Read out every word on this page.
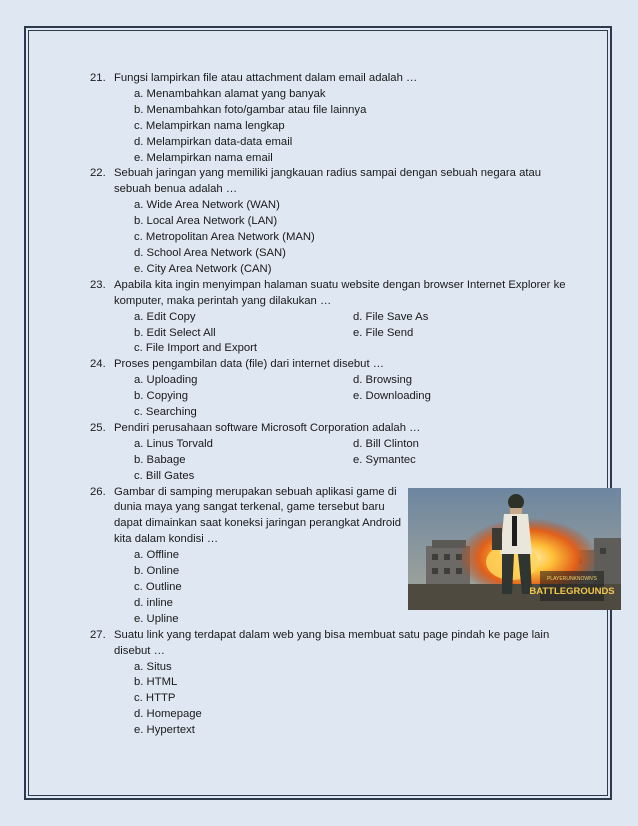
21. Fungsi lampirkan file atau attachment dalam email adalah …
a. Menambahkan alamat yang banyak
b. Menambahkan foto/gambar atau file lainnya
c. Melampirkan nama lengkap
d. Melampirkan data-data email
e. Melampirkan nama email
22. Sebuah jaringan yang memiliki jangkauan radius sampai dengan sebuah negara atau sebuah benua adalah …
a. Wide Area Network (WAN)
b. Local Area Network (LAN)
c. Metropolitan Area Network (MAN)
d. School Area Network (SAN)
e. City Area Network (CAN)
23. Apabila kita ingin menyimpan halaman suatu website dengan browser Internet Explorer ke komputer, maka perintah yang dilakukan …
a. Edit Copy
b. Edit Select All
c. File Import and Export
d. File Save As
e. File Send
24. Proses pengambilan data (file) dari internet disebut …
a. Uploading
b. Copying
c. Searching
d. Browsing
e. Downloading
25. Pendiri perusahaan software Microsoft Corporation adalah …
a. Linus Torvald
b. Babage
c. Bill Gates
d. Bill Clinton
e. Symantec
26. Gambar di samping merupakan sebuah aplikasi game di dunia maya yang sangat terkenal, game tersebut baru dapat dimainkan saat koneksi jaringan perangkat Android kita dalam kondisi …
a. Offline
b. Online
c. Outline
d. inline
e. Upline
27. Suatu link yang terdapat dalam web yang bisa membuat satu page pindah ke page lain disebut …
a. Situs
b. HTML
c. HTTP
d. Homepage
e. Hypertext
PLAYERUNKNOWN'S
BATTLEGROUNDS
